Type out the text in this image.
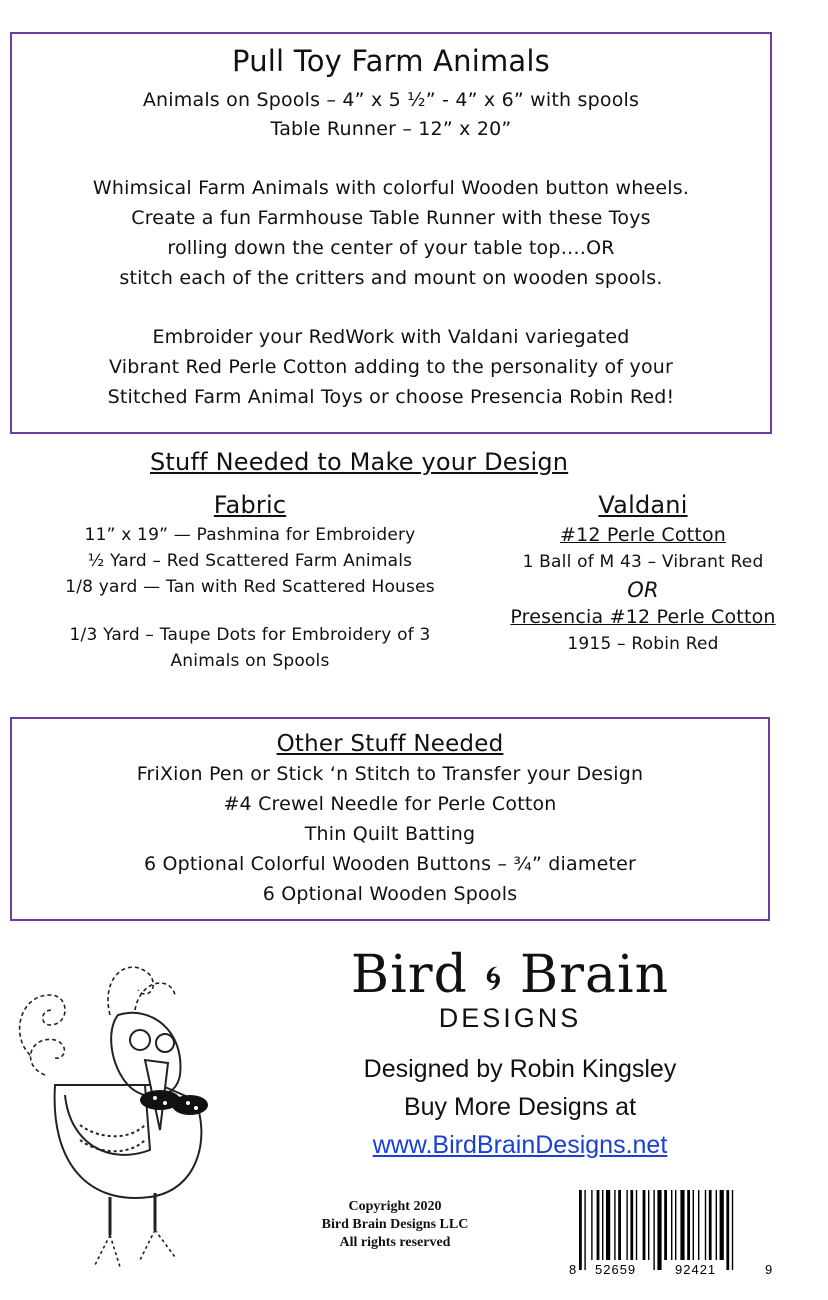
Pull Toy Farm Animals
Animals on Spools – 4” x 5 ½” - 4” x 6” with spools
Table Runner – 12” x 20”
Whimsical Farm Animals with colorful Wooden button wheels.
Create a fun Farmhouse Table Runner with these Toys
rolling down the center of your table top….OR
stitch each of the critters and mount on wooden spools.
Embroider your RedWork with Valdani variegated
Vibrant Red Perle Cotton adding to the personality of your
Stitched Farm Animal Toys or choose Presencia Robin Red!
Stuff Needed to Make your Design
Fabric
11” x 19” — Pashmina for Embroidery
½ Yard – Red Scattered Farm Animals
1/8 yard — Tan with Red Scattered Houses
1/3 Yard – Taupe Dots for Embroidery of 3
Animals on Spools
Valdani
#12 Perle Cotton
1 Ball of M 43 – Vibrant Red
OR
Presencia #12 Perle Cotton
1915 – Robin Red
Other Stuff Needed
FriXion Pen or Stick ‘n Stitch to Transfer your Design
#4 Crewel Needle for Perle Cotton
Thin Quilt Batting
6 Optional Colorful Wooden Buttons – ¾” diameter
6 Optional Wooden Spools
Bird 🌀︎ Brain
DESIGNS
Designed by Robin Kingsley
Buy More Designs at
www.BirdBrainDesigns.net
Copyright 2020
Bird Brain Designs LLC
All rights reserved
8 52659	92421	9
